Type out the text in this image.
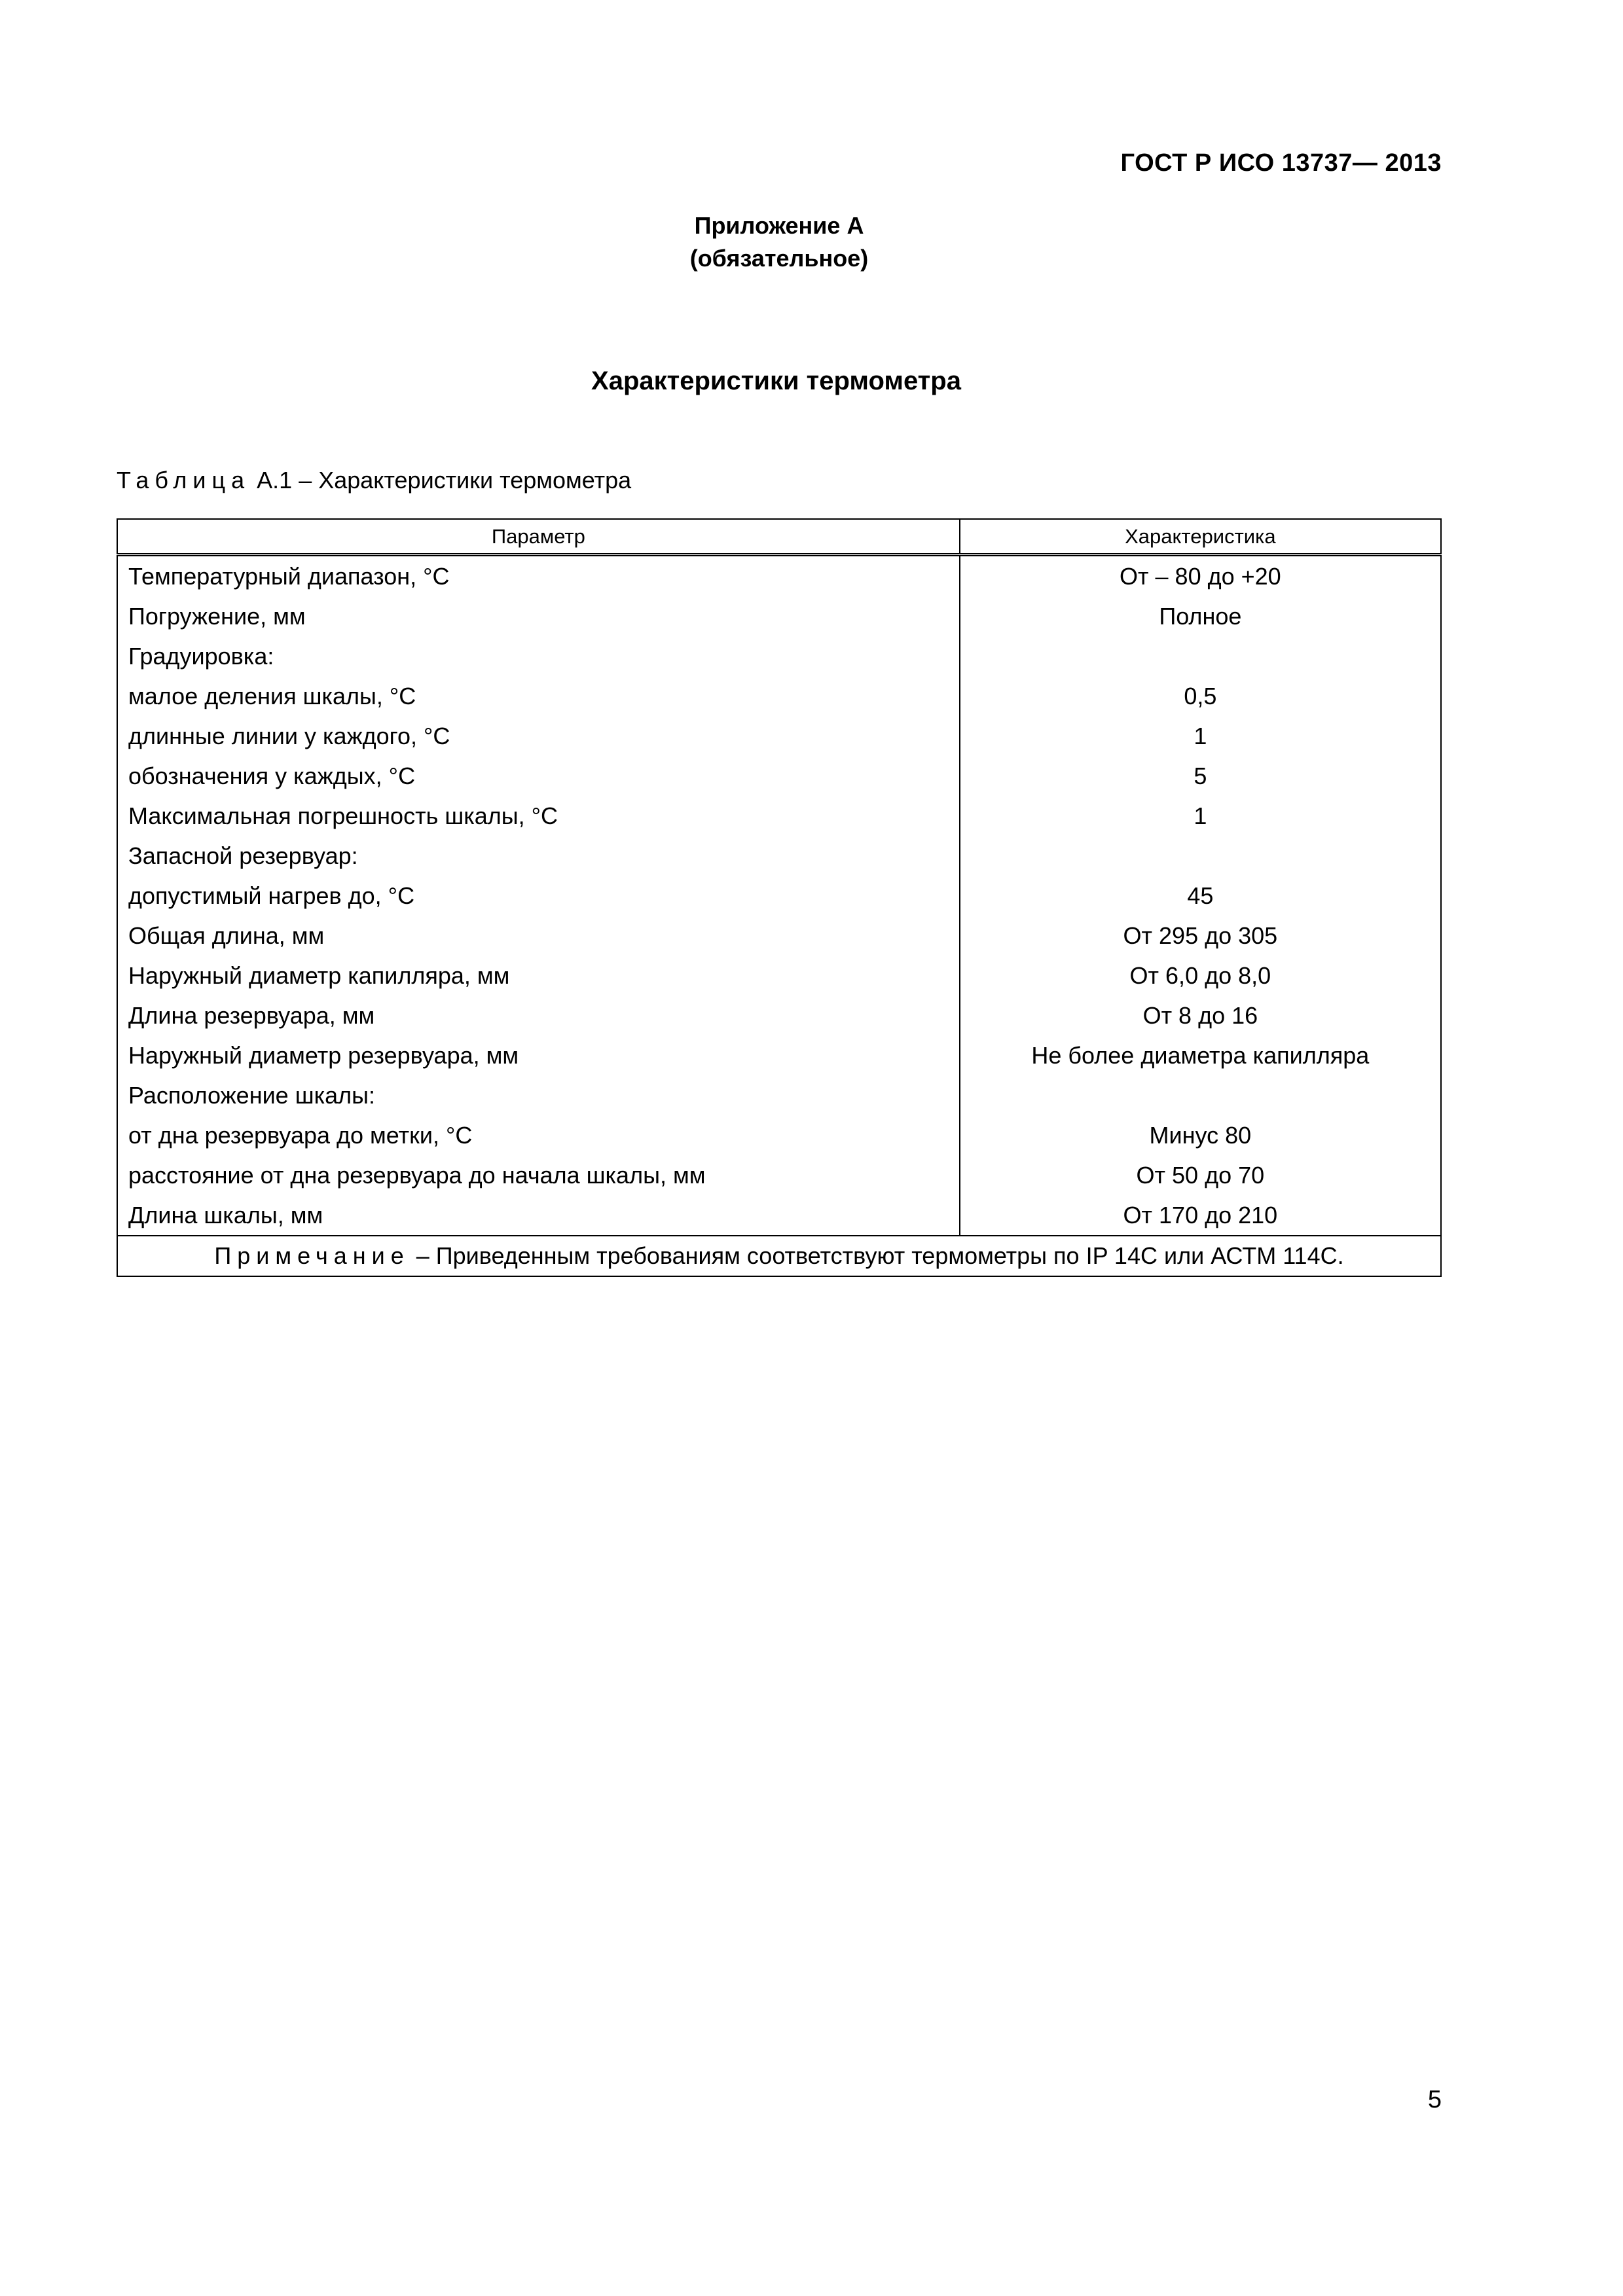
ГОСТ Р ИСО 13737— 2013
Приложение А
(обязательное)
Характеристики термометра
Таблица А.1 – Характеристики термометра
Параметр	Характеристика
Температурный диапазон, °С	От – 80 до +20
Погружение, мм	Полное
Градуировка:	
малое деления шкалы, °С	0,5
длинные линии у каждого, °С	1
обозначения у каждых, °С	5
Максимальная погрешность шкалы, °С	1
Запасной резервуар:	
допустимый нагрев до, °С	45
Общая длина, мм	От 295 до 305
Наружный диаметр капилляра, мм	От 6,0 до 8,0
Длина резервуара, мм	От 8 до 16
Наружный диаметр резервуара, мм	Не более диаметра капилляра
Расположение шкалы:	
от дна резервуара до метки, °С	Минус 80
расстояние от дна резервуара до начала шкалы, мм	От 50 до 70
Длина шкалы, мм	От 170 до 210
Примечание – Приведенным требованиям соответствуют термометры по IP 14C или АСТМ 114С.	
5
